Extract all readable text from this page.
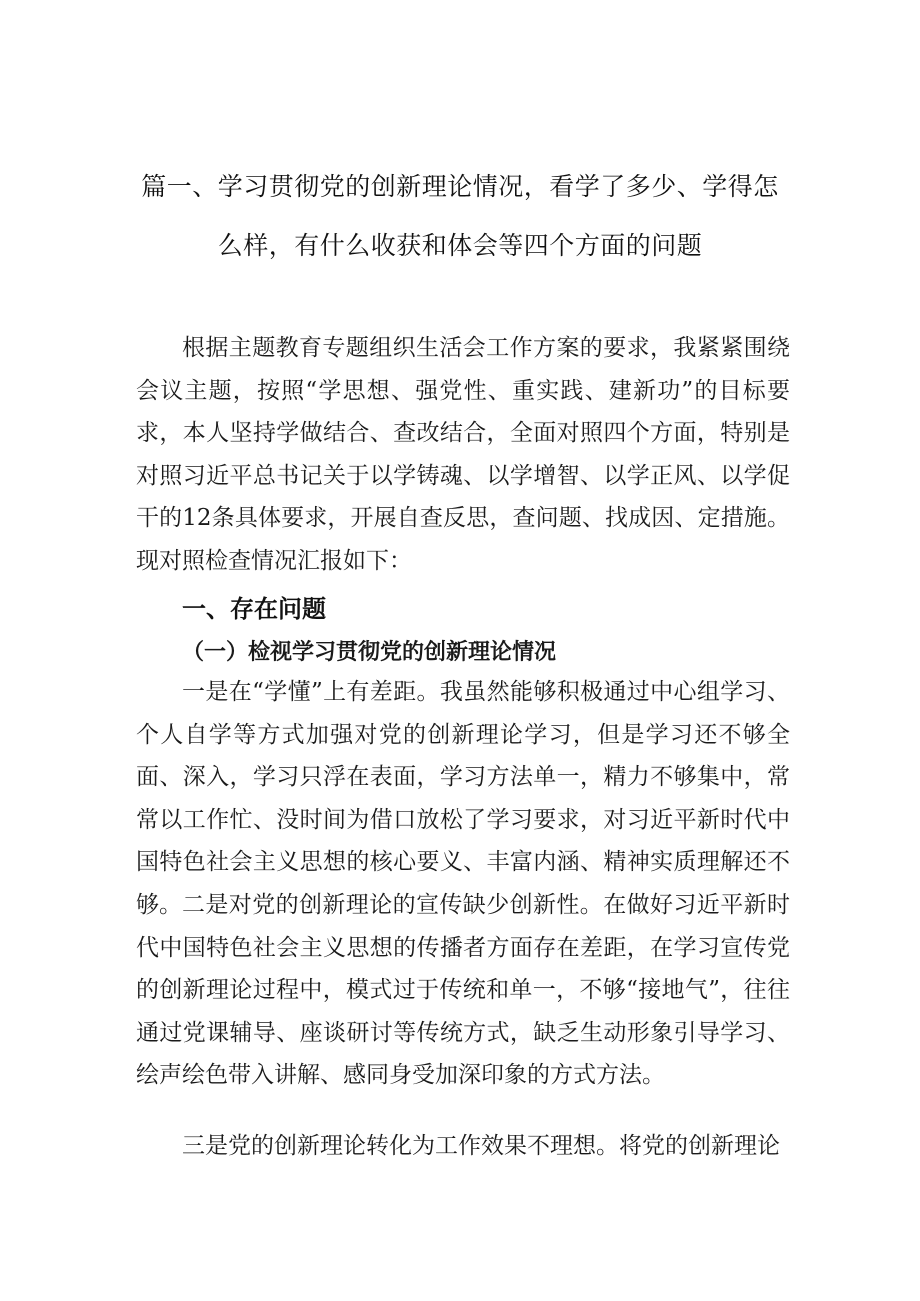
篇一、学习贯彻党的创新理论情况，看学了多少、学得怎
么样，有什么收获和体会等四个方面的问题

根据主题教育专题组织生活会工作方案的要求，我紧紧围绕会议主题，按照“学思想、强党性、重实践、建新功”的目标要求，本人坚持学做结合、查改结合，全面对照四个方面，特别是对照习近平总书记关于以学铸魂、以学增智、以学正风、以学促干的12条具体要求，开展自查反思，查问题、找成因、定措施。现对照检查情况汇报如下：

一、存在问题
（一）检视学习贯彻党的创新理论情况

一是在“学懂”上有差距。我虽然能够积极通过中心组学习、个人自学等方式加强对党的创新理论学习，但是学习还不够全面、深入，学习只浮在表面，学习方法单一，精力不够集中，常常以工作忙、没时间为借口放松了学习要求，对习近平新时代中国特色社会主义思想的核心要义、丰富内涵、精神实质理解还不够。 二是对党的创新理论的宣传缺少创新性。在做好习近平新时代中国特色社会主义思想的传播者方面存在差距，在学习宣传党的创新理论过程中，模式过于传统和单一，不够“接地气”，往往通过党课辅导、座谈研讨等传统方式，缺乏生动形象引导学习、绘声绘色带入讲解、感同身受加深印象的方式方法。

三是党的创新理论转化为工作效果不理想。将党的创新理论
